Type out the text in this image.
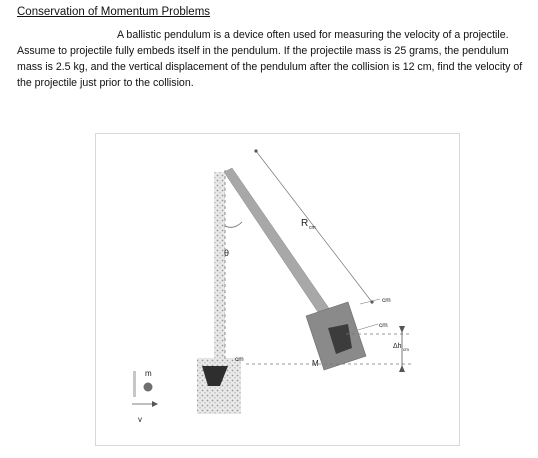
Conservation of Momentum Problems
A ballistic pendulum is a device often used for measuring the velocity of a projectile. Assume to projectile fully embeds itself in the pendulum. If the projectile mass is 25 grams, the pendulum mass is 2.5 kg, and the vertical displacement of the pendulum after the collision is 12 cm, find the velocity of the projectile just prior to the collision.
θ
R cm
cm
cm
cm	M
m
v
Δh cm
